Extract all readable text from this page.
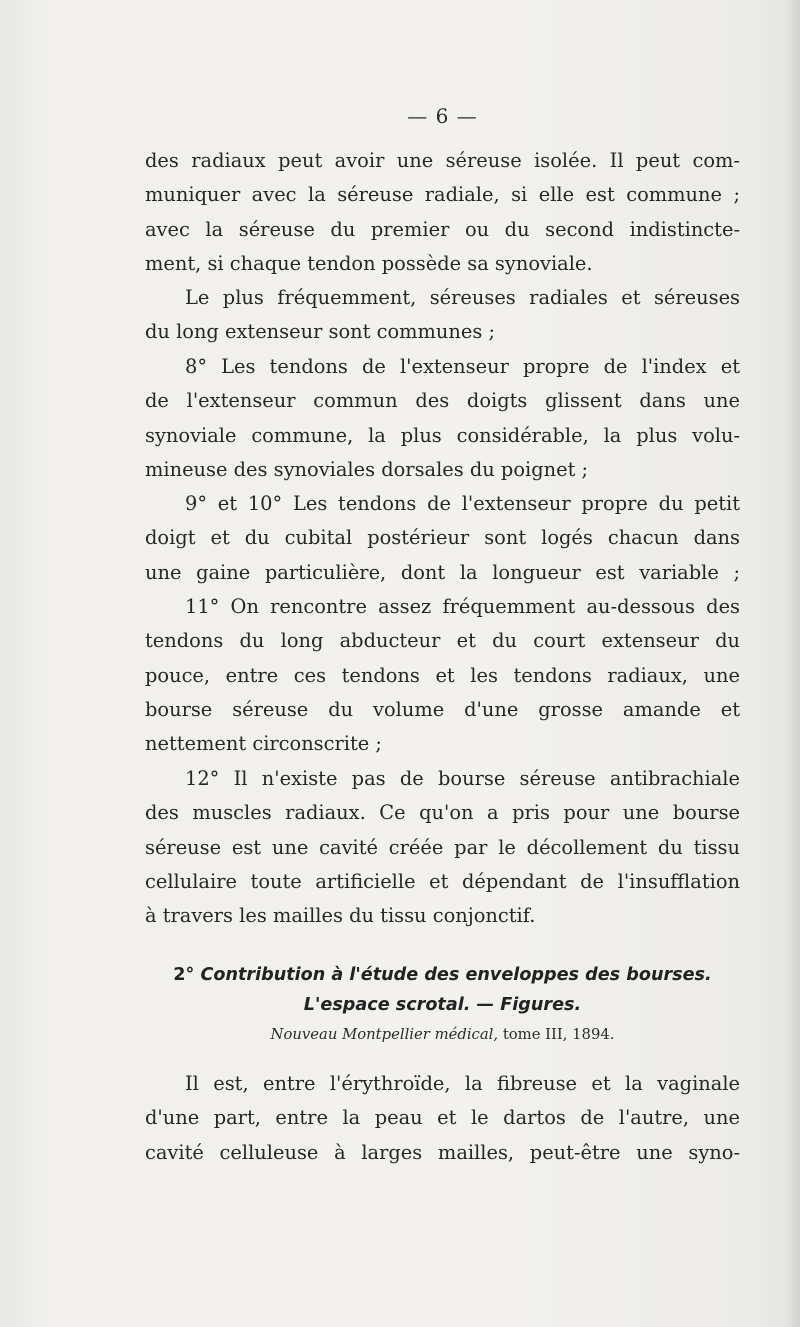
— 6 —
des radiaux peut avoir une séreuse isolée. Il peut com-
muniquer avec la séreuse radiale, si elle est commune ;
avec la séreuse du premier ou du second indistincte-
ment, si chaque tendon possède sa synoviale.
Le plus fréquemment, séreuses radiales et séreuses
du long extenseur sont communes ;
8° Les tendons de l'extenseur propre de l'index et
de l'extenseur commun des doigts glissent dans une
synoviale commune, la plus considérable, la plus volu-
mineuse des synoviales dorsales du poignet ;
9° et 10° Les tendons de l'extenseur propre du petit
doigt et du cubital postérieur sont logés chacun dans
une gaine particulière, dont la longueur est variable ;
11° On rencontre assez fréquemment au-dessous des
tendons du long abducteur et du court extenseur du
pouce, entre ces tendons et les tendons radiaux, une
bourse séreuse du volume d'une grosse amande et
nettement circonscrite ;
12° Il n'existe pas de bourse séreuse antibrachiale
des muscles radiaux. Ce qu'on a pris pour une bourse
séreuse est une cavité créée par le décollement du tissu
cellulaire toute artificielle et dépendant de l'insufflation
à travers les mailles du tissu conjonctif.
2° Contribution à l'étude des enveloppes des bourses.
L'espace scrotal. — Figures.
Nouveau Montpellier médical, tome III, 1894.
Il est, entre l'érythroïde, la fibreuse et la vaginale
d'une part, entre la peau et le dartos de l'autre, une
cavité celluleuse à larges mailles, peut-être une syno-
